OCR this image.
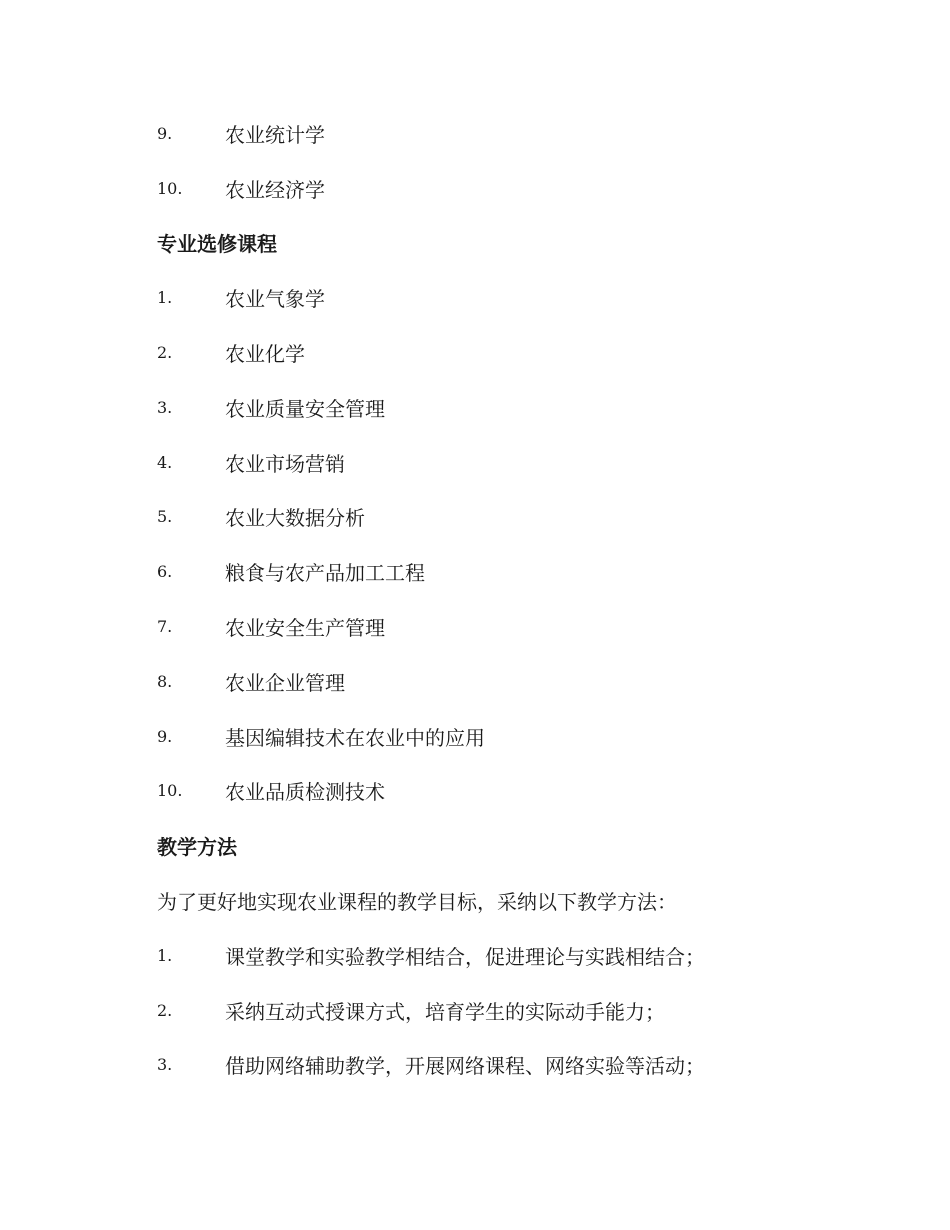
9.	农业统计学
10.	农业经济学
专业选修课程
1.	农业气象学
2.	农业化学
3.	农业质量安全管理
4.	农业市场营销
5.	农业大数据分析
6.	粮食与农产品加工工程
7.	农业安全生产管理
8.	农业企业管理
9.	基因编辑技术在农业中的应用
10.	农业品质检测技术
教学方法
为了更好地实现农业课程的教学目标，采纳以下教学方法：
1.	课堂教学和实验教学相结合，促进理论与实践相结合；
2.	采纳互动式授课方式，培育学生的实际动手能力；
3.	借助网络辅助教学，开展网络课程、网络实验等活动；
